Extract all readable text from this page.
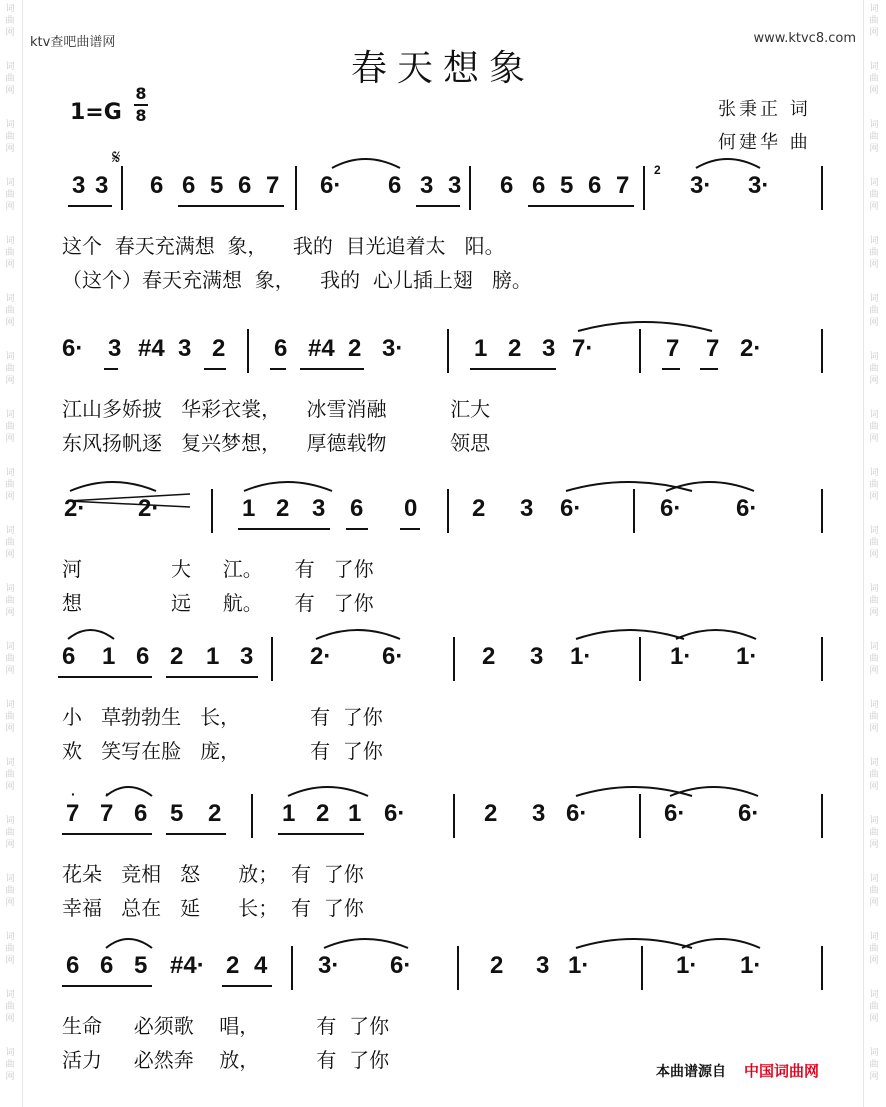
词
曲
网
词
曲
网
词
曲
网
词
曲
网
词
曲
网
词
曲
网
词
曲
网
词
曲
网
词
曲
网
词
曲
网
词
曲
网
词
曲
网
词
曲
网
词
曲
网
词
曲
网
词
曲
网
词
曲
网
词
曲
网
词
曲
网
词
曲
网
词
曲
网
词
曲
网
词
曲
网
词
曲
网
词
曲
网
词
曲
网
词
曲
网
词
曲
网
词
曲
网
词
曲
网
词
曲
网
词
曲
网
词
曲
网
词
曲
网
词
曲
网
词
曲
网
词
曲
网
词
曲
网
ktv查吧曲谱网	www.ktvc8.com
春天想象
1=G
8
8	张秉正 词
何建华 曲
𝄋
2
3 3 6 6 5 6 7 6· 6 3 3 6 6 5 6 7	3· 3·
这个  春天充满想  象，    我的  目光追着太   阳。
（这个）春天充满想  象，    我的  心儿插上翅   膀。
6· 3 #4 3 2 6 #4 2 3·	1 2 3 7·	7 7 2·
江山多娇披   华彩衣裳，    冰雪消融          汇大
东风扬帆逐   复兴梦想，    厚德载物          领思
2· 2·	1 2 3 6 0 2 3 6·	6· 6·
河              大     江。     有   了你
想              远     航。     有   了你
6 1 6 2 1 3 2· 6·	2 3 1·	1· 1·
小   草勃勃生   长，           有  了你
欢   笑写在脸   庞，           有  了你
7 7 6 5 2	1 2 1 6·	2 3 6·	6· 6·
· ·
花朵   竞相   怒      放；  有  了你
幸福   总在   延      长；  有  了你
6 6 5 #4· 2 4 3· 6·	2 3 1·	1· 1·
生命     必须歌    唱，         有  了你
活力     必然奔    放，         有  了你	本曲谱源自 中国词曲网
